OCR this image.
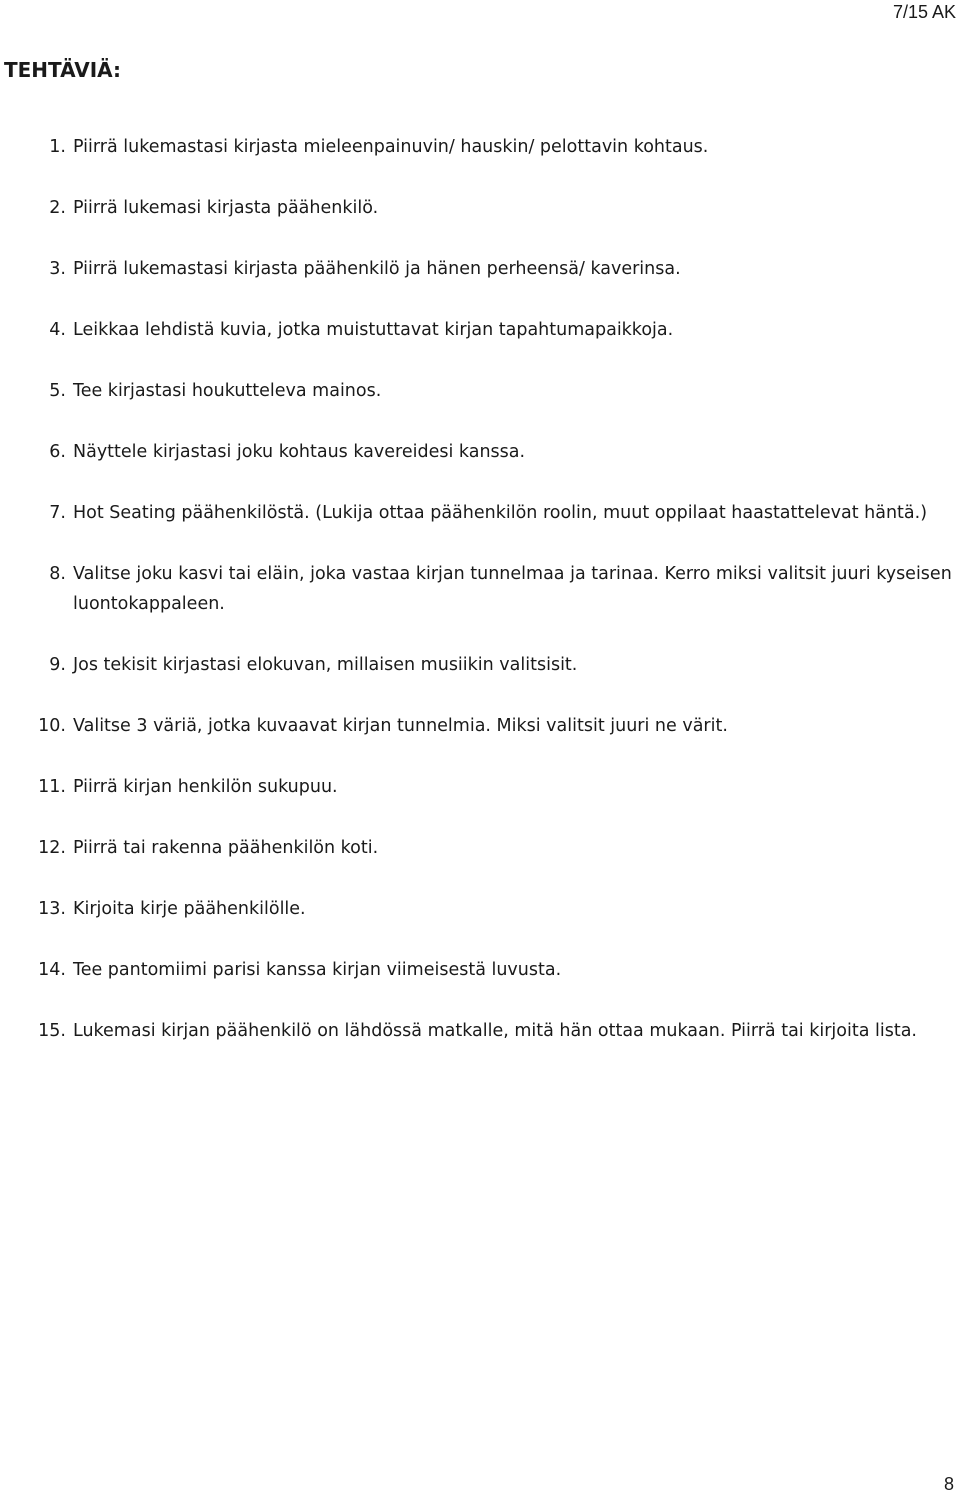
7/15 AK
TEHTÄVIÄ:
1. Piirrä lukemastasi kirjasta mieleenpainuvin/ hauskin/ pelottavin kohtaus.
2. Piirrä lukemasi kirjasta päähenkilö.
3. Piirrä lukemastasi kirjasta päähenkilö ja hänen perheensä/ kaverinsa.
4. Leikkaa lehdistä kuvia, jotka muistuttavat kirjan tapahtumapaikkoja.
5. Tee kirjastasi houkutteleva mainos.
6. Näyttele kirjastasi joku kohtaus kavereidesi kanssa.
7. Hot Seating päähenkilöstä. (Lukija ottaa päähenkilön roolin, muut oppilaat haastattelevat häntä.)
8. Valitse joku kasvi tai eläin, joka vastaa kirjan tunnelmaa ja tarinaa. Kerro miksi valitsit juuri kyseisen luontokappaleen.
9. Jos tekisit kirjastasi elokuvan, millaisen musiikin valitsisit.
10. Valitse 3 väriä, jotka kuvaavat kirjan tunnelmia. Miksi valitsit juuri ne värit.
11. Piirrä kirjan henkilön sukupuu.
12. Piirrä tai rakenna päähenkilön koti.
13. Kirjoita kirje päähenkilölle.
14. Tee pantomiimi parisi kanssa kirjan viimeisestä luvusta.
15. Lukemasi kirjan päähenkilö on lähdössä matkalle, mitä hän ottaa mukaan. Piirrä tai kirjoita lista.
8
